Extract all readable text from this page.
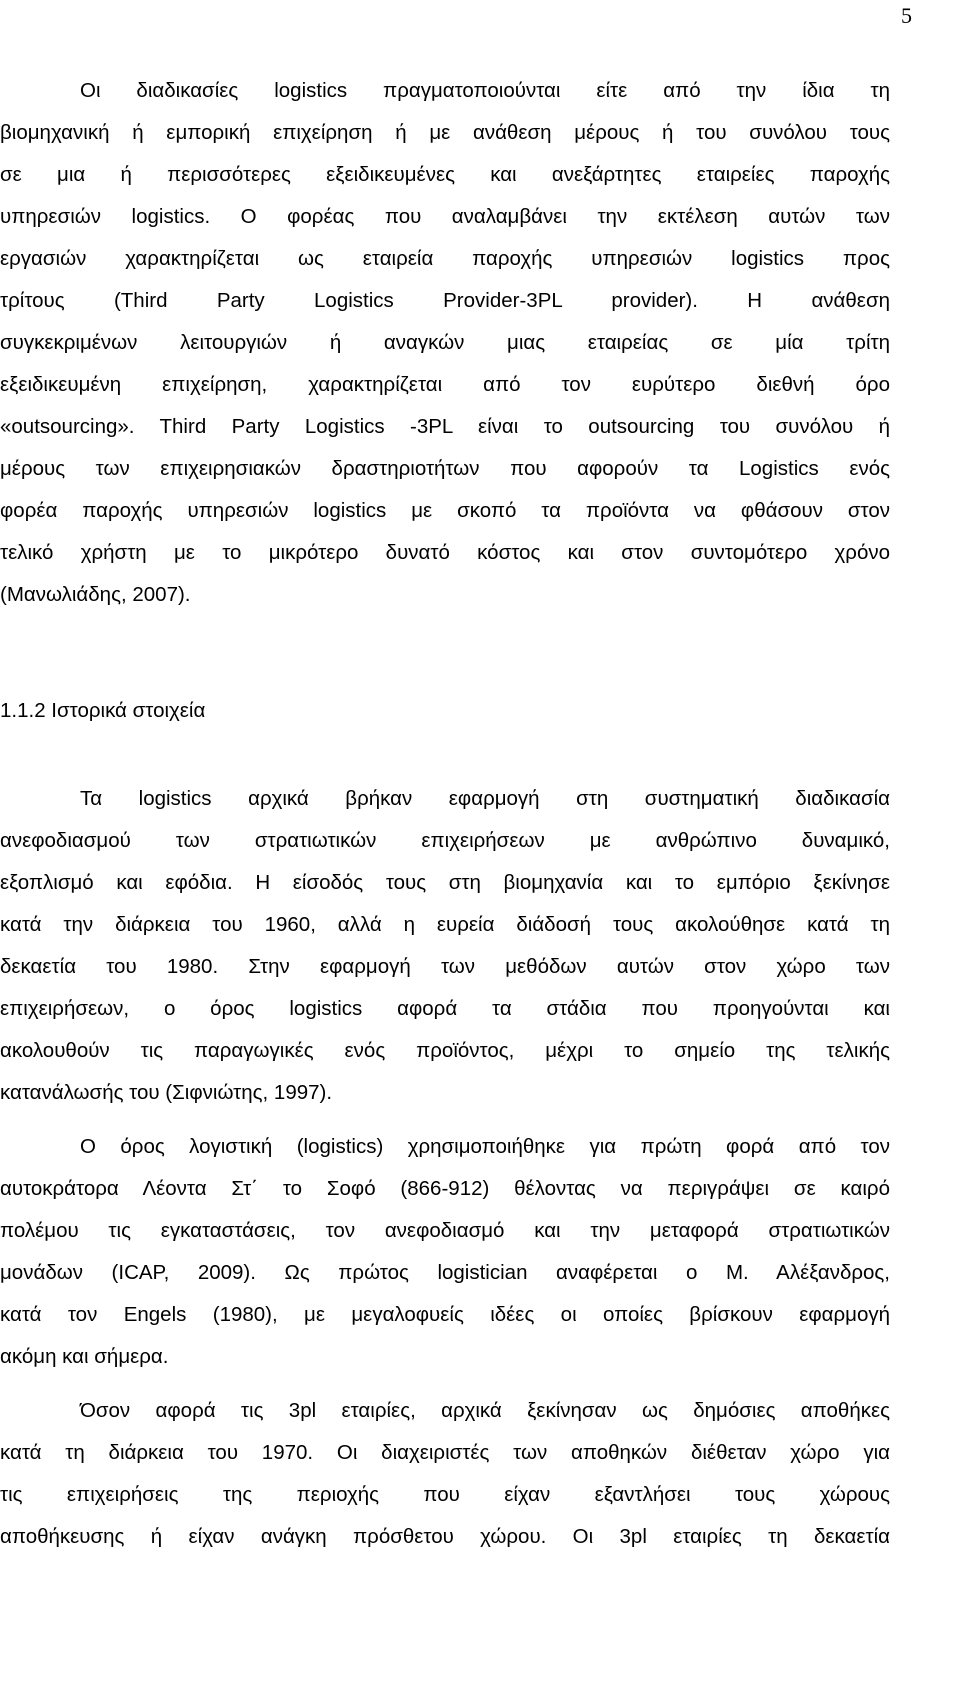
5
Οι διαδικασίες logistics πραγματοποιούνται είτε από την ίδια τη
βιομηχανική ή εμπορική επιχείρηση ή με ανάθεση μέρους ή του συνόλου τους
σε μια ή περισσότερες εξειδικευμένες και ανεξάρτητες εταιρείες παροχής
υπηρεσιών logistics. Ο φορέας που αναλαμβάνει την εκτέλεση αυτών των
εργασιών χαρακτηρίζεται ως εταιρεία παροχής υπηρεσιών logistics προς
τρίτους (Third Party Logistics Provider-3PL provider). Η ανάθεση
συγκεκριμένων λειτουργιών ή αναγκών μιας εταιρείας σε μία τρίτη
εξειδικευμένη επιχείρηση, χαρακτηρίζεται από τον ευρύτερο διεθνή όρο
«outsourcing». Third Party Logistics -3PL είναι το outsourcing του συνόλου ή
μέρους των επιχειρησιακών δραστηριοτήτων που αφορούν τα Logistics ενός
φορέα παροχής υπηρεσιών logistics με σκοπό τα προϊόντα να φθάσουν στον
τελικό χρήστη με το μικρότερο δυνατό κόστος και στον συντομότερο χρόνο
(Μανωλιάδης, 2007).
1.1.2 Ιστορικά στοιχεία
Τα logistics αρχικά βρήκαν εφαρμογή στη συστηματική διαδικασία
ανεφοδιασμού των στρατιωτικών επιχειρήσεων με ανθρώπινο δυναμικό,
εξοπλισμό και εφόδια. Η είσοδός τους στη βιομηχανία και το εμπόριο ξεκίνησε
κατά την διάρκεια του 1960, αλλά η ευρεία διάδοσή τους ακολούθησε κατά τη
δεκαετία του 1980. Στην εφαρμογή των μεθόδων αυτών στον χώρο των
επιχειρήσεων, ο όρος logistics αφορά τα στάδια που προηγούνται και
ακολουθούν τις παραγωγικές ενός προϊόντος, μέχρι το σημείο της τελικής
κατανάλωσής του (Σιφνιώτης, 1997).
Ο όρος λογιστική (logistics) χρησιμοποιήθηκε για πρώτη φορά από τον
αυτοκράτορα Λέοντα Στ΄ το Σοφό (866-912) θέλοντας να περιγράψει σε καιρό
πολέμου τις εγκαταστάσεις, τον ανεφοδιασμό και την μεταφορά στρατιωτικών
μονάδων (ICAP, 2009). Ως πρώτος logistician αναφέρεται ο Μ. Αλέξανδρος,
κατά τον Engels (1980), με μεγαλοφυείς ιδέες οι οποίες βρίσκουν εφαρμογή
ακόμη και σήμερα.
Όσον αφορά τις 3pl εταιρίες, αρχικά ξεκίνησαν ως δημόσιες αποθήκες
κατά τη διάρκεια του 1970. Οι διαχειριστές των αποθηκών διέθεταν χώρο για
τις επιχειρήσεις της περιοχής που είχαν εξαντλήσει τους χώρους
αποθήκευσης ή είχαν ανάγκη πρόσθετου χώρου. Οι 3pl εταιρίες τη δεκαετία
